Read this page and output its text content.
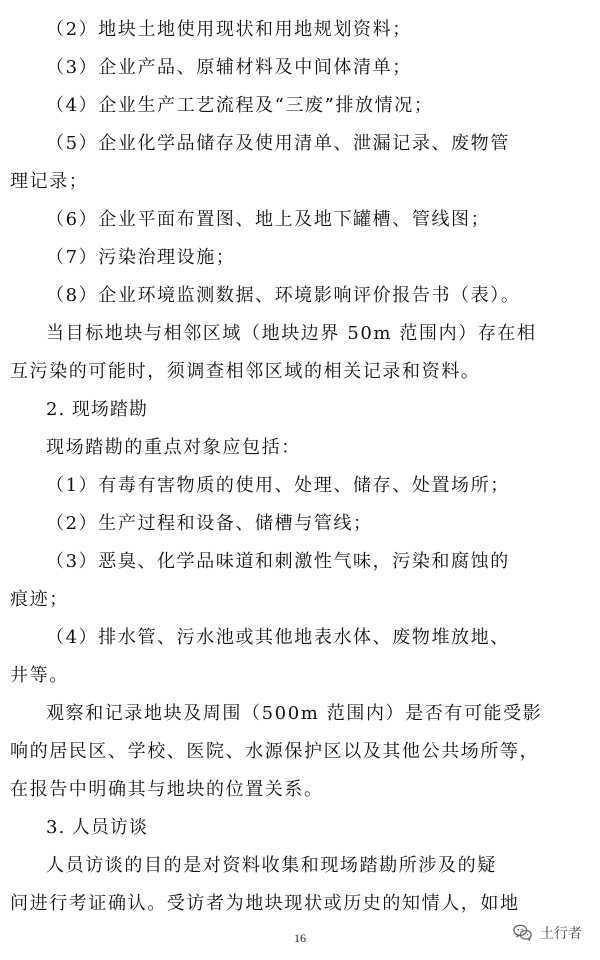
（2）地块土地使用现状和用地规划资料；
（3）企业产品、原辅材料及中间体清单；
（4）企业生产工艺流程及“三废”排放情况；
（5）企业化学品储存及使用清单、泄漏记录、废物管
理记录；
（6）企业平面布置图、地上及地下罐槽、管线图；
（7）污染治理设施；
（8）企业环境监测数据、环境影响评价报告书（表）。
当目标地块与相邻区域（地块边界 50m 范围内）存在相
互污染的可能时，须调查相邻区域的相关记录和资料。
2. 现场踏勘
现场踏勘的重点对象应包括：
（1）有毒有害物质的使用、处理、储存、处置场所；
（2）生产过程和设备、储槽与管线；
（3）恶臭、化学品味道和刺激性气味，污染和腐蚀的
痕迹；
（4）排水管、污水池或其他地表水体、废物堆放地、
井等。
观察和记录地块及周围（500m 范围内）是否有可能受影
响的居民区、学校、医院、水源保护区以及其他公共场所等，
在报告中明确其与地块的位置关系。
3. 人员访谈
人员访谈的目的是对资料收集和现场踏勘所涉及的疑
问进行考证确认。受访者为地块现状或历史的知情人，如地
16	土行者
